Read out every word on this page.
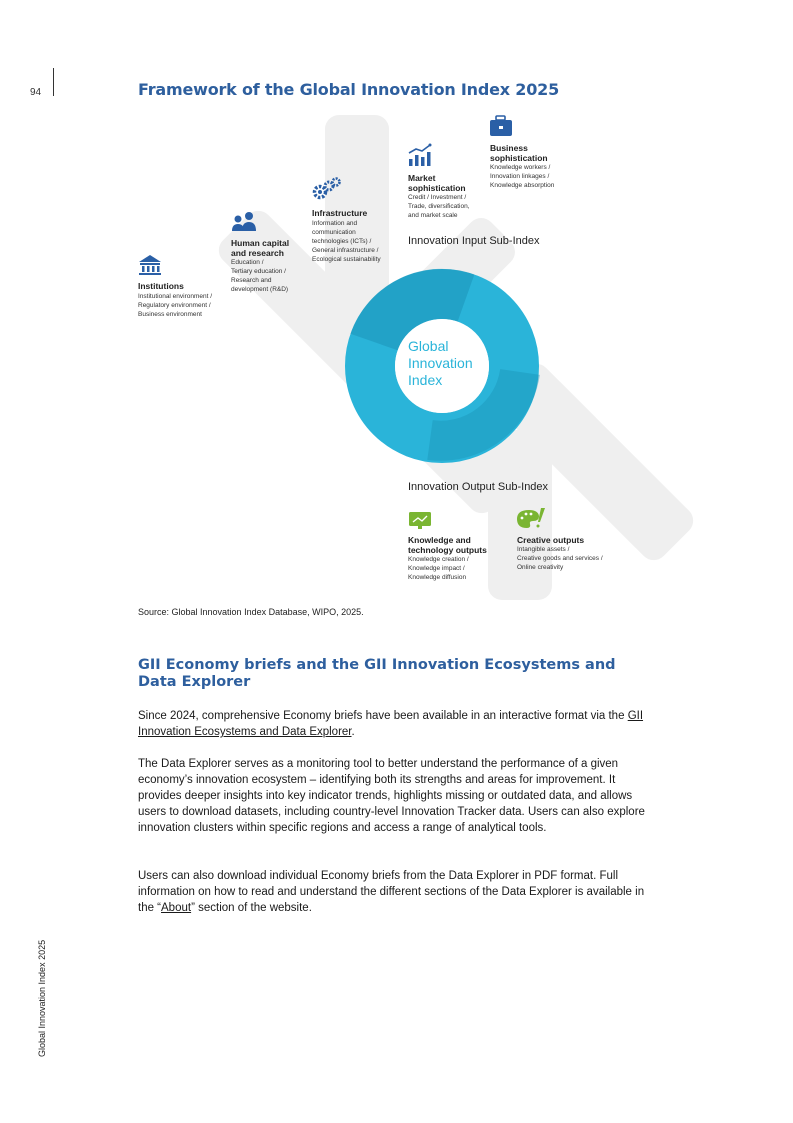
94
Global Innovation Index 2025
Framework of the Global Innovation Index 2025
Global
Innovation
Index
Innovation Input Sub-Index
Innovation Output Sub-Index

Institutions

Institutional environment /
Regulatory environment /
Business environment
Human capital
and research
Education /
Tertiary education /
Research and
development (R&D)

Infrastructure

Information and
communication
technologies (ICTs) /
General infrastructure /
Ecological sustainability
Market
sophistication
Credit / Investment /
Trade, diversification,
and market scale
Business
sophistication
Knowledge workers /
Innovation linkages /
Knowledge absorption
Knowledge and
technology outputs
Knowledge creation /
Knowledge impact /
Knowledge diffusion

Creative outputs

Intangible assets /
Creative goods and services /
Online creativity
Source: Global Innovation Index Database, WIPO, 2025.
GII Economy briefs and the GII Innovation Ecosystems and Data Explorer

Since 2024, comprehensive Economy briefs have been available in an interactive format via the GII Innovation Ecosystems and Data Explorer.

The Data Explorer serves as a monitoring tool to better understand the performance of a given economy’s innovation ecosystem – identifying both its strengths and areas for improvement. It provides deeper insights into key indicator trends, highlights missing or outdated data, and allows users to download datasets, including country-level Innovation Tracker data. Users can also explore innovation clusters within specific regions and access a range of analytical tools.

Users can also download individual Economy briefs from the Data Explorer in PDF format. Full information on how to read and understand the different sections of the Data Explorer is available in the “About” section of the website.
